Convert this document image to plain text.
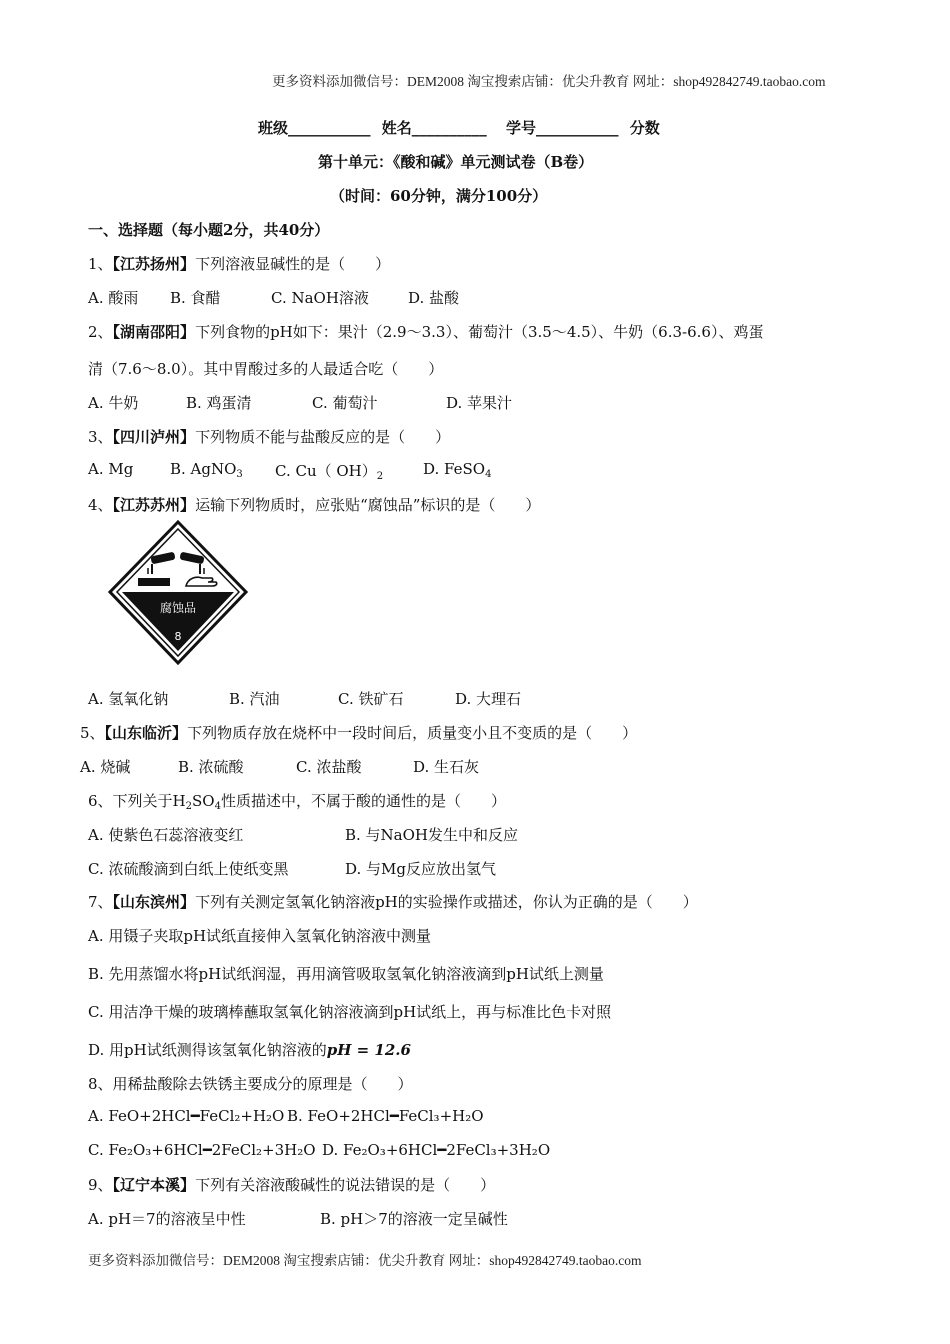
更多资料添加微信号：DEM2008 淘宝搜索店铺：优尖升教育 网址：shop492842749.taobao.com
班级___________ 姓名__________ 学号___________ 分数
第十单元：《酸和碱》单元测试卷（B卷）
（时间：60分钟，满分100分）
一、选择题（每小题2分，共40分）
1、【江苏扬州】下列溶液显碱性的是（　　）
A. 酸雨 B. 食醋	C. NaOH溶液	D. 盐酸
2、【湖南邵阳】下列食物的pH如下：果汁（2.9～3.3）、葡萄汁（3.5～4.5）、牛奶（6.3-6.6）、鸡蛋
清（7.6～8.0）。其中胃酸过多的人最适合吃（　　）
A. 牛奶	B. 鸡蛋清	C. 葡萄汁	D. 苹果汁
3、【四川泸州】下列物质不能与盐酸反应的是（　　）
A. Mg B. AgNO$_3$ C. Cu（ $OH)_2$	D. FeSO$_4$
4、【江苏苏州】运输下列物质时，应张贴“腐蚀品”标识的是（　　）
腐蚀品
8
A. 氢氧化钠	B. 汽油	C. 铁矿石	D. 大理石
5、【山东临沂】下列物质存放在烧杯中一段时间后，质量变小且不变质的是（　　）
A. 烧碱	B. 浓硫酸	C. 浓盐酸	D. 生石灰
6、下列关于$H_2SO_4$性质描述中，不属于酸的通性的是（　　）
A. 使紫色石蕊溶液变红	B. 与NaOH发生中和反应
C. 浓硫酸滴到白纸上使纸变黑	D. 与Mg反应放出氢气
7、【山东滨州】下列有关测定氢氧化钠溶液pH的实验操作或描述，你认为正确的是（　　）
A. 用镊子夹取pH试纸直接伸入氢氧化钠溶液中测量
B. 先用蒸馏水将pH试纸润湿，再用滴管吸取氢氧化钠溶液滴到pH试纸上测量
C. 用洁净干燥的玻璃棒蘸取氢氧化钠溶液滴到pH试纸上，再与标准比色卡对照
D. 用pH试纸测得该氢氧化钠溶液的pH = 12.6
8、用稀盐酸除去铁锈主要成分的原理是（　　）
A. FeO+2HCl━FeCl₂+H₂O B. FeO+2HCl━FeCl₃+H₂O
C. Fe₂O₃+6HCl━2FeCl₂+3H₂O D. Fe₂O₃+6HCl━2FeCl₃+3H₂O
9、【辽宁本溪】下列有关溶液酸碱性的说法错误的是（　　）
A. pH＝7的溶液呈中性	B. pH＞7的溶液一定呈碱性
更多资料添加微信号：DEM2008 淘宝搜索店铺：优尖升教育 网址：shop492842749.taobao.com
